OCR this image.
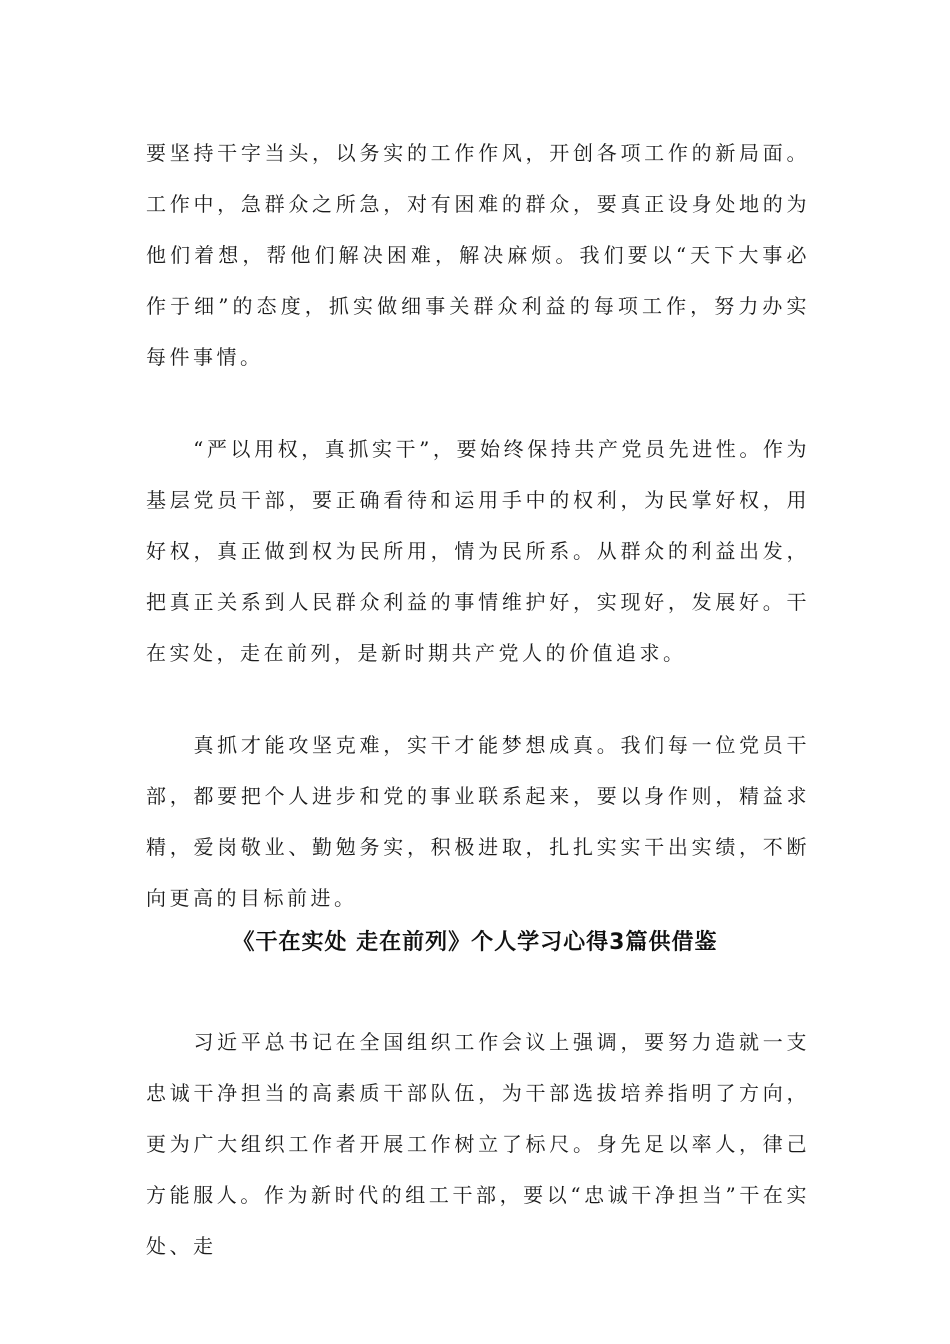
要坚持干字当头，以务实的工作作风，开创各项工作的新局面。工作中，急群众之所急，对有困难的群众，要真正设身处地的为他们着想，帮他们解决困难，解决麻烦。我们要以“天下大事必作于细”的态度，抓实做细事关群众利益的每项工作，努力办实每件事情。

　　“严以用权，真抓实干”，要始终保持共产党员先进性。作为基层党员干部，要正确看待和运用手中的权利，为民掌好权，用好权，真正做到权为民所用，情为民所系。从群众的利益出发，把真正关系到人民群众利益的事情维护好，实现好，发展好。干在实处，走在前列，是新时期共产党人的价值追求。

　　真抓才能攻坚克难，实干才能梦想成真。我们每一位党员干部，都要把个人进步和党的事业联系起来，要以身作则，精益求精，爱岗敬业、勤勉务实，积极进取，扎扎实实干出实绩，不断向更高的目标前进。

《干在实处 走在前列》个人学习心得3篇供借鉴

　　习近平总书记在全国组织工作会议上强调，要努力造就一支忠诚干净担当的高素质干部队伍，为干部选拔培养指明了方向，更为广大组织工作者开展工作树立了标尺。身先足以率人，律己方能服人。作为新时代的组工干部，要以“忠诚干净担当”干在实处、走
